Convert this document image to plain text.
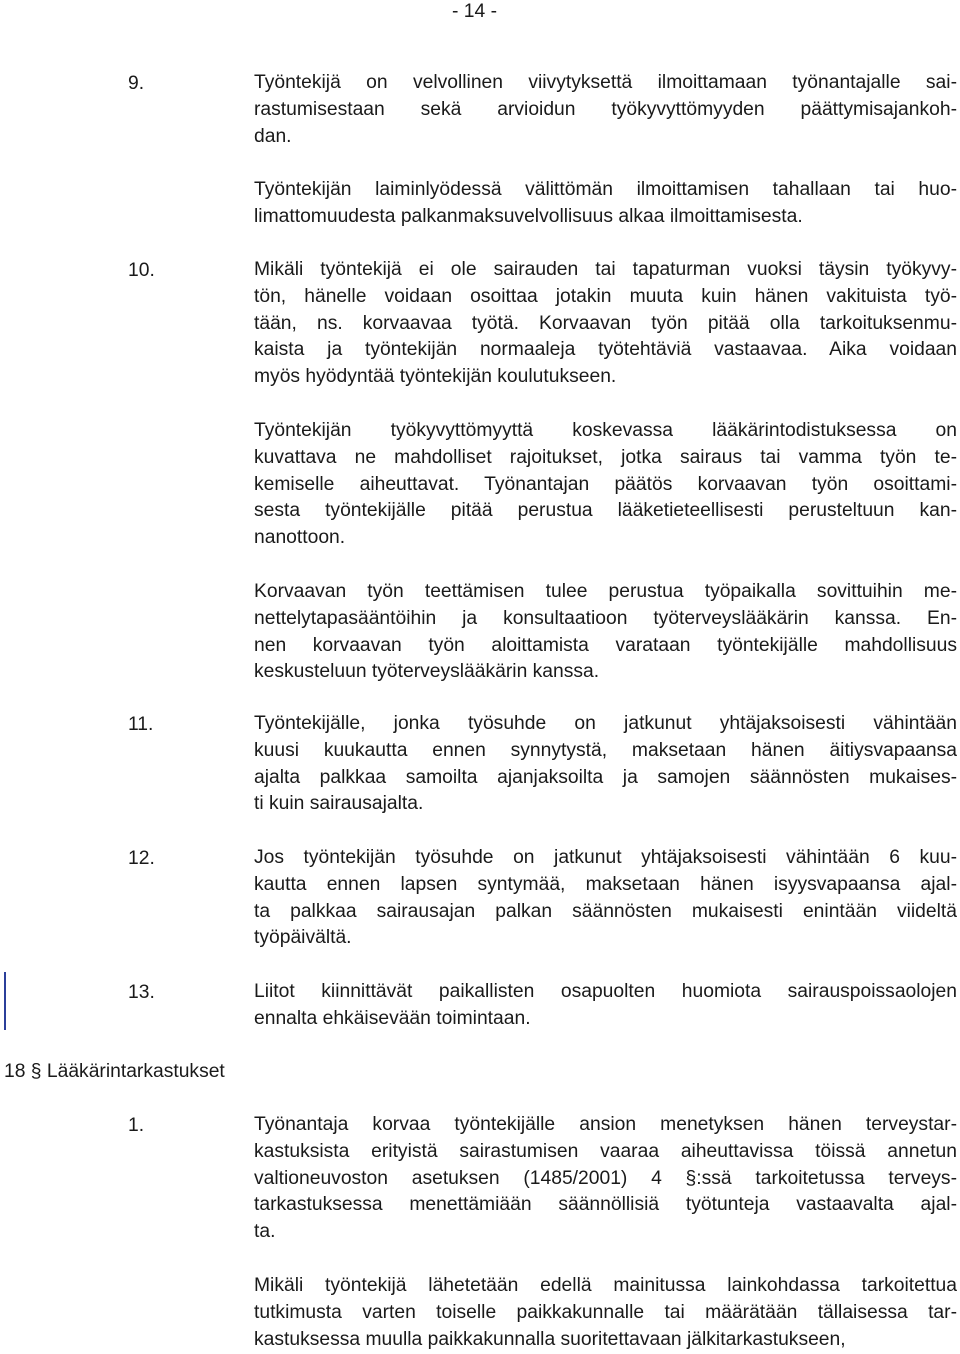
- 14 -
9.	Työntekijä on velvollinen viivytyksettä ilmoittamaan työnantajalle sai-
rastumisestaan sekä arvioidun työkyvyttömyyden päättymisajankoh-
dan.
Työntekijän laiminlyödessä välittömän ilmoittamisen tahallaan tai huo-
limattomuudesta palkanmaksuvelvollisuus alkaa ilmoittamisesta.
10.	Mikäli työntekijä ei ole sairauden tai tapaturman vuoksi täysin työkyvy-
tön, hänelle voidaan osoittaa jotakin muuta kuin hänen vakituista työ-
tään, ns. korvaavaa työtä. Korvaavan työn pitää olla tarkoituksenmu-
kaista ja työntekijän normaaleja työtehtäviä vastaavaa. Aika voidaan
myös hyödyntää työntekijän koulutukseen.
Työntekijän työkyvyttömyyttä koskevassa lääkärintodistuksessa on
kuvattava ne mahdolliset rajoitukset, jotka sairaus tai vamma työn te-
kemiselle aiheuttavat. Työnantajan päätös korvaavan työn osoittami-
sesta työntekijälle pitää perustua lääketieteellisesti perusteltuun kan-
nanottoon.
Korvaavan työn teettämisen tulee perustua työpaikalla sovittuihin me-
nettelytapasääntöihin ja konsultaatioon työterveyslääkärin kanssa. En-
nen korvaavan työn aloittamista varataan työntekijälle mahdollisuus
keskusteluun työterveyslääkärin kanssa.
11.	Työntekijälle, jonka työsuhde on jatkunut yhtäjaksoisesti vähintään
kuusi kuukautta ennen synnytystä, maksetaan hänen äitiysvapaansa
ajalta palkkaa samoilta ajanjaksoilta ja samojen säännösten mukaises-
ti kuin sairausajalta.
12.	Jos työntekijän työsuhde on jatkunut yhtäjaksoisesti vähintään 6 kuu-
kautta ennen lapsen syntymää, maksetaan hänen isyysvapaansa ajal-
ta palkkaa sairausajan palkan säännösten mukaisesti enintään viideltä
työpäivältä.
13.	Liitot kiinnittävät paikallisten osapuolten huomiota sairauspoissaolojen
ennalta ehkäisevään toimintaan.
1.	Työnantaja korvaa työntekijälle ansion menetyksen hänen terveystar-
kastuksista erityistä sairastumisen vaaraa aiheuttavissa töissä annetun
valtioneuvoston asetuksen (1485/2001) 4 §:ssä tarkoitetussa terveys-
tarkastuksessa menettämiään säännöllisiä työtunteja vastaavalta ajal-
ta.
Mikäli työntekijä lähetetään edellä mainitussa lainkohdassa tarkoitettua
tutkimusta varten toiselle paikkakunnalle tai määrätään tällaisessa tar-
kastuksessa muulla paikkakunnalla suoritettavaan jälkitarkastukseen,
18 § Lääkärintarkastukset
